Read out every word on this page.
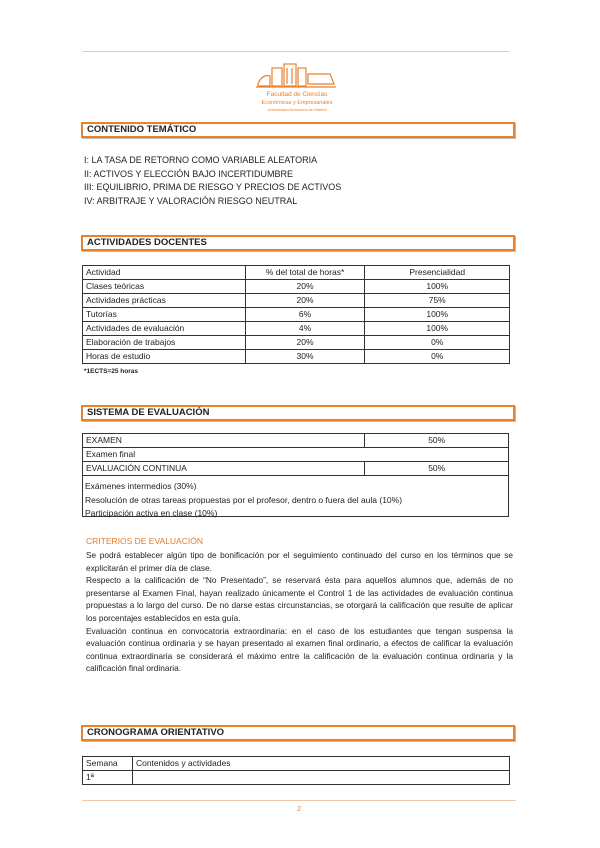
Facultad de Ciencias
Económicas y Empresariales
Universidad Autónoma de Madrid
CONTENIDO TEMÁTICO
I: LA TASA DE RETORNO COMO VARIABLE ALEATORIA
II: ACTIVOS Y ELECCIÓN BAJO INCERTIDUMBRE
III: EQUILIBRIO, PRIMA DE RIESGO Y PRECIOS DE ACTIVOS
IV: ARBITRAJE Y VALORACIÓN RIESGO NEUTRAL
ACTIVIDADES DOCENTES
Actividad	% del total de horas*	Presencialidad
Clases teóricas	20%	100%
Actividades prácticas	20%	75%
Tutorías	6%	100%
Actividades de evaluación	4%	100%
Elaboración de trabajos	20%	0%
Horas de estudio	30%	0%
*1ECTS=25 horas
SISTEMA DE EVALUACIÓN
EXAMEN	50%
Examen final	
EVALUACIÓN CONTINUA	50%

Exámenes intermedios (30%)
Resolución de otras tareas propuestas por el profesor, dentro o fuera del aula (10%)
Participación activa en clase (10%)
CRITERIOS DE EVALUACIÓN

Se podrá establecer algún tipo de bonificación por el seguimiento continuado del curso en los términos que se explicitarán el primer día de clase.

Respecto a la calificación de “No Presentado”, se reservará ésta para aquellos alumnos que, además de no presentarse al Examen Final, hayan realizado únicamente el Control 1 de las actividades de evaluación continua propuestas a lo largo del curso. De no darse estas circunstancias, se otorgará la calificación que resulte de aplicar los porcentajes establecidos en esta guía.

Evaluación continua en convocatoria extraordinaria: en el caso de los estudiantes que tengan suspensa la evaluación continua ordinaria y se hayan presentado al examen final ordinario, a efectos de calificar la evaluación continua extraordinaria se considerará el máximo entre la calificación de la evaluación continua ordinaria y la calificación final ordinaria.

CRONOGRAMA ORIENTATIVO
Semana	Contenidos y actividades
1ª	
2
